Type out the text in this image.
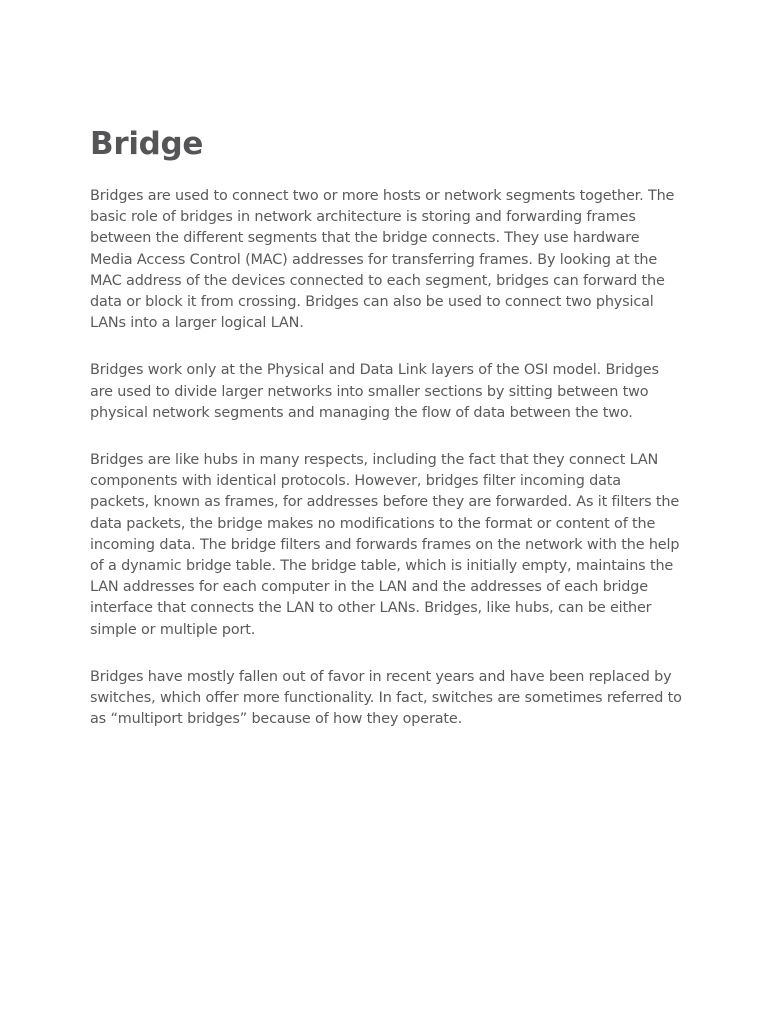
Bridge

Bridges are used to connect two or more hosts or network segments together. The basic role of bridges in network architecture is storing and forwarding frames between the different segments that the bridge connects. They use hardware Media Access Control (MAC) addresses for transferring frames. By looking at the MAC address of the devices connected to each segment, bridges can forward the data or block it from crossing. Bridges can also be used to connect two physical LANs into a larger logical LAN.

Bridges work only at the Physical and Data Link layers of the OSI model. Bridges are used to divide larger networks into smaller sections by sitting between two physical network segments and managing the flow of data between the two.

Bridges are like hubs in many respects, including the fact that they connect LAN components with identical protocols. However, bridges filter incoming data packets, known as frames, for addresses before they are forwarded. As it filters the data packets, the bridge makes no modifications to the format or content of the incoming data. The bridge filters and forwards frames on the network with the help of a dynamic bridge table. The bridge table, which is initially empty, maintains the LAN addresses for each computer in the LAN and the addresses of each bridge interface that connects the LAN to other LANs. Bridges, like hubs, can be either simple or multiple port.

Bridges have mostly fallen out of favor in recent years and have been replaced by switches, which offer more functionality. In fact, switches are sometimes referred to as “multiport bridges” because of how they operate.
